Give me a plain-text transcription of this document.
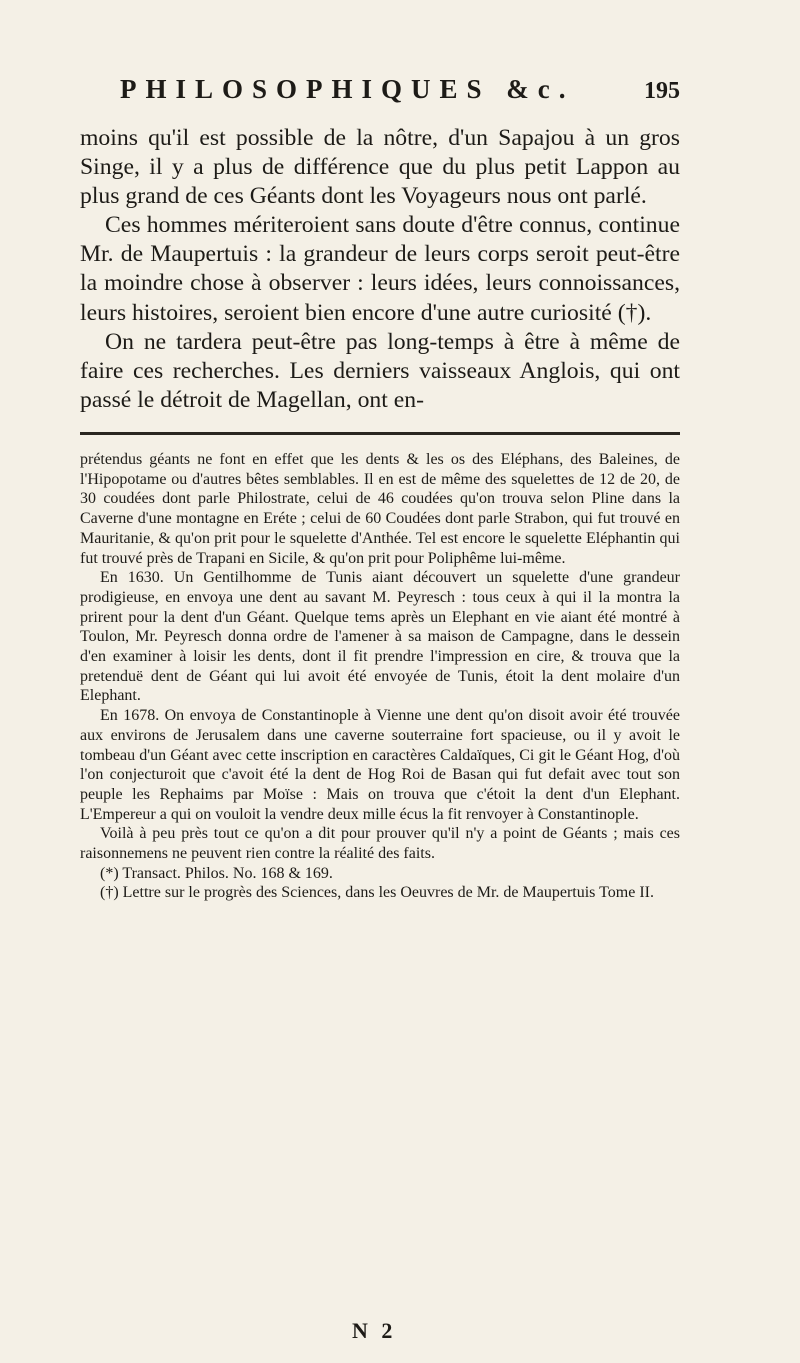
PHILOSOPHIQUES &c.	195

moins qu'il est possible de la nôtre, d'un Sapajou à un gros Singe, il y a plus de différence que du plus petit Lappon au plus grand de ces Géants dont les Voyageurs nous ont parlé.

Ces hommes mériteroient sans doute d'être connus, continue Mr. de Maupertuis : la grandeur de leurs corps seroit peut-être la moindre chose à observer : leurs idées, leurs connoissances, leurs histoires, seroient bien encore d'une autre curiosité (†).

On ne tardera peut-être pas long-temps à être à même de faire ces recherches. Les derniers vaisseaux Anglois, qui ont passé le détroit de Magellan, ont en-

prétendus géants ne font en effet que les dents & les os des Eléphans, des Baleines, de l'Hipopotame ou d'autres bêtes semblables. Il en est de même des squelettes de 12 de 20, de 30 coudées dont parle Philostrate, celui de 46 coudées qu'on trouva selon Pline dans la Caverne d'une montagne en Eréte ; celui de 60 Coudées dont parle Strabon, qui fut trouvé en Mauritanie, & qu'on prit pour le squelette d'Anthée. Tel est encore le squelette Eléphantin qui fut trouvé près de Trapani en Sicile, & qu'on prit pour Poliphême lui-même.

En 1630. Un Gentilhomme de Tunis aiant découvert un squelette d'une grandeur prodigieuse, en envoya une dent au savant M. Peyresch : tous ceux à qui il la montra la prirent pour la dent d'un Géant. Quelque tems après un Elephant en vie aiant été montré à Toulon, Mr. Peyresch donna ordre de l'amener à sa maison de Campagne, dans le dessein d'en examiner à loisir les dents, dont il fit prendre l'impression en cire, & trouva que la pretenduë dent de Géant qui lui avoit été envoyée de Tunis, étoit la dent molaire d'un Elephant.

En 1678. On envoya de Constantinople à Vienne une dent qu'on disoit avoir été trouvée aux environs de Jerusalem dans une caverne souterraine fort spacieuse, ou il y avoit le tombeau d'un Géant avec cette inscription en caractères Caldaïques, Ci git le Géant Hog, d'où l'on conjecturoit que c'avoit été la dent de Hog Roi de Basan qui fut defait avec tout son peuple les Rephaims par Moïse : Mais on trouva que c'étoit la dent d'un Elephant. L'Empereur a qui on vouloit la vendre deux mille écus la fit renvoyer à Constantinople.

Voilà à peu près tout ce qu'on a dit pour prouver qu'il n'y a point de Géants ; mais ces raisonnemens ne peuvent rien contre la réalité des faits.

(*) Transact. Philos. No. 168 & 169.

(†) Lettre sur le progrès des Sciences, dans les Oeuvres de Mr. de Maupertuis Tome II.

N 2
